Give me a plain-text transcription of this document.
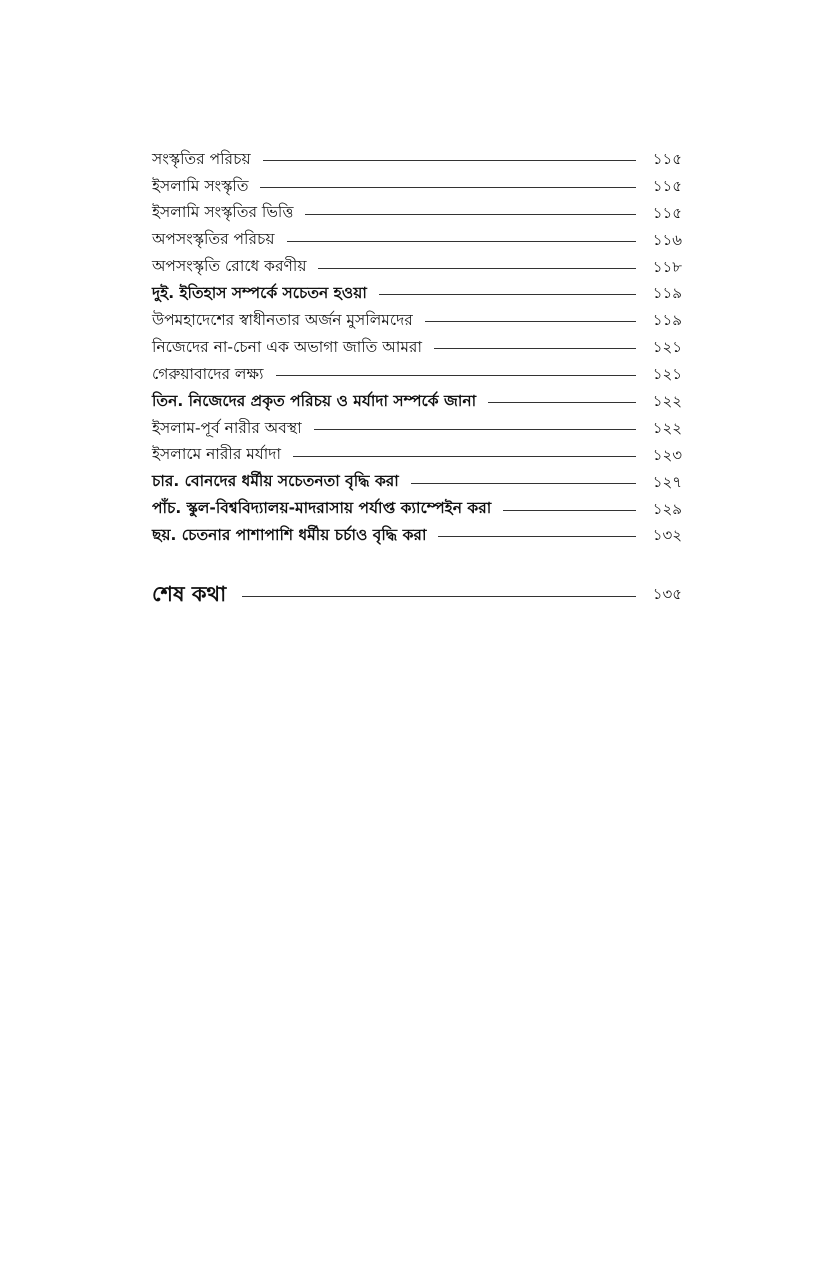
সংস্কৃতির পরিচয়	১১৫
ইসলামি সংস্কৃতি	১১৫
ইসলামি সংস্কৃতির ভিত্তি	১১৫
অপসংস্কৃতির পরিচয়	১১৬
অপসংস্কৃতি রোধে করণীয়	১১৮
দুই. ইতিহাস সম্পর্কে সচেতন হওয়া	১১৯
উপমহাদেশের স্বাধীনতার অর্জন মুসলিমদের	১১৯
নিজেদের না-চেনা এক অভাগা জাতি আমরা	১২১
গেরুয়াবাদের লক্ষ্য	১২১
তিন. নিজেদের প্রকৃত পরিচয় ও মর্যাদা সম্পর্কে জানা	১২২
ইসলাম-পূর্ব নারীর অবস্থা	১২২
ইসলামে নারীর মর্যাদা	১২৩
চার. বোনদের ধর্মীয় সচেতনতা বৃদ্ধি করা	১২৭
পাঁচ. স্কুল-বিশ্ববিদ্যালয়-মাদরাসায় পর্যাপ্ত ক্যাম্পেইন করা	১২৯
ছয়. চেতনার পাশাপাশি ধর্মীয় চর্চাও বৃদ্ধি করা	১৩২
শেষ কথা	১৩৫
